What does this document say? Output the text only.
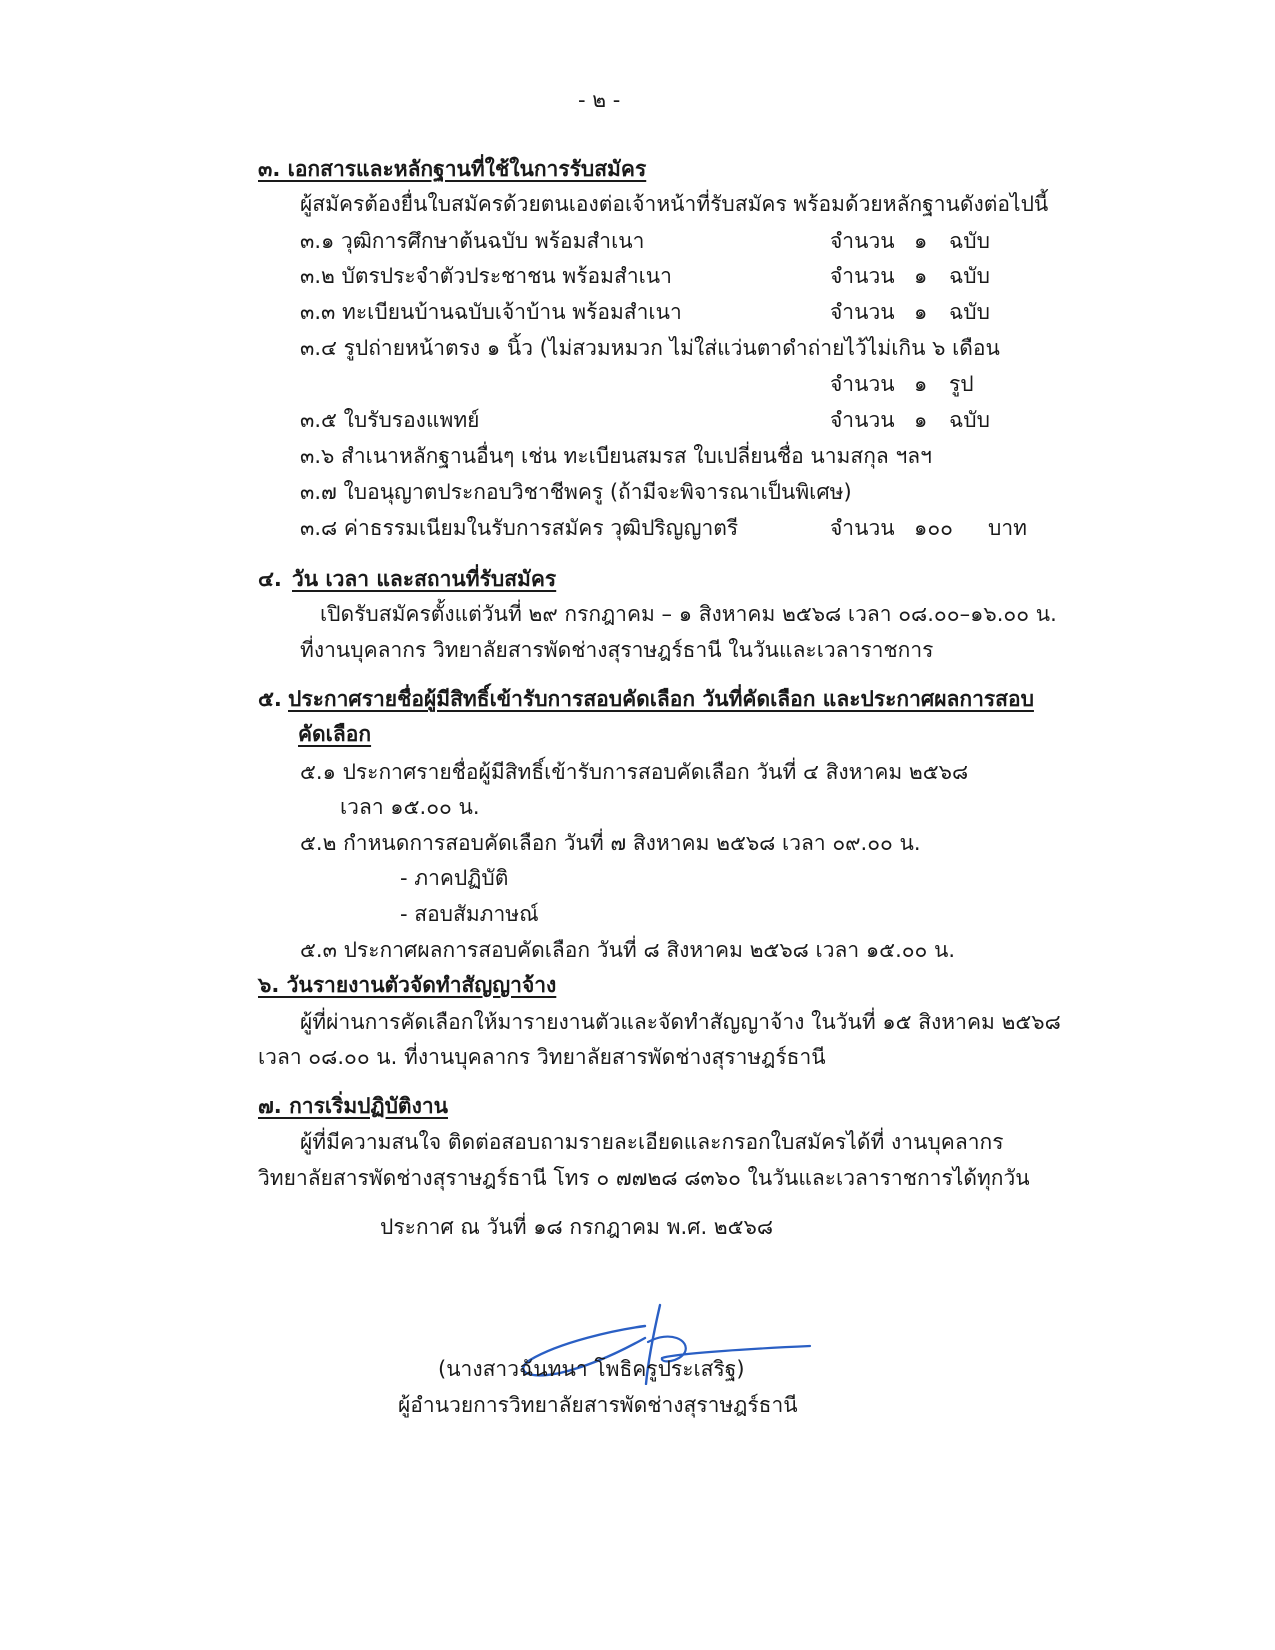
- ๒ -
๓. เอกสารและหลักฐานที่ใช้ในการรับสมัคร
ผู้สมัครต้องยื่นใบสมัครด้วยตนเองต่อเจ้าหน้าที่รับสมัคร พร้อมด้วยหลักฐานดังต่อไปนี้
๓.๑ วุฒิการศึกษาต้นฉบับ พร้อมสำเนา	จำนวน ๑ ฉบับ
๓.๒ บัตรประจำตัวประชาชน พร้อมสำเนา	จำนวน ๑ ฉบับ
๓.๓ ทะเบียนบ้านฉบับเจ้าบ้าน พร้อมสำเนา	จำนวน ๑ ฉบับ
๓.๔ รูปถ่ายหน้าตรง ๑ นิ้ว (ไม่สวมหมวก ไม่ใส่แว่นตาดำถ่ายไว้ไม่เกิน ๖ เดือน
จำนวน ๑ รูป
๓.๕ ใบรับรองแพทย์	จำนวน ๑ ฉบับ
๓.๖ สำเนาหลักฐานอื่นๆ เช่น ทะเบียนสมรส ใบเปลี่ยนชื่อ นามสกุล ฯลฯ
๓.๗ ใบอนุญาตประกอบวิชาชีพครู (ถ้ามีจะพิจารณาเป็นพิเศษ)
๓.๘ ค่าธรรมเนียมในรับการสมัคร วุฒิปริญญาตรี	จำนวน ๑๐๐ บาท
๔. วัน เวลา และสถานที่รับสมัคร
เปิดรับสมัครตั้งแต่วันที่ ๒๙ กรกฎาคม – ๑ สิงหาคม ๒๕๖๘ เวลา ๐๘.๐๐–๑๖.๐๐ น.
ที่งานบุคลากร วิทยาลัยสารพัดช่างสุราษฎร์ธานี ในวันและเวลาราชการ
๕. ประกาศรายชื่อผู้มีสิทธิ์เข้ารับการสอบคัดเลือก วันที่คัดเลือก และประกาศผลการสอบ
คัดเลือก
๕.๑ ประกาศรายชื่อผู้มีสิทธิ์เข้ารับการสอบคัดเลือก วันที่ ๔ สิงหาคม ๒๕๖๘
เวลา ๑๕.๐๐ น.
๕.๒ กำหนดการสอบคัดเลือก วันที่ ๗ สิงหาคม ๒๕๖๘ เวลา ๐๙.๐๐ น.
- ภาคปฏิบัติ
- สอบสัมภาษณ์
๕.๓ ประกาศผลการสอบคัดเลือก วันที่ ๘ สิงหาคม ๒๕๖๘ เวลา ๑๕.๐๐ น.
๖. วันรายงานตัวจัดทำสัญญาจ้าง
ผู้ที่ผ่านการคัดเลือกให้มารายงานตัวและจัดทำสัญญาจ้าง ในวันที่ ๑๕ สิงหาคม ๒๕๖๘
เวลา ๐๘.๐๐ น. ที่งานบุคลากร วิทยาลัยสารพัดช่างสุราษฎร์ธานี
๗. การเริ่มปฏิบัติงาน
ผู้ที่มีความสนใจ ติดต่อสอบถามรายละเอียดและกรอกใบสมัครได้ที่ งานบุคลากร
วิทยาลัยสารพัดช่างสุราษฎร์ธานี โทร ๐ ๗๗๒๘ ๘๓๖๐ ในวันและเวลาราชการได้ทุกวัน
ประกาศ ณ วันที่ ๑๘ กรกฎาคม พ.ศ. ๒๕๖๘
(นางสาวฉันทนา โพธิครูประเสริฐ)
ผู้อำนวยการวิทยาลัยสารพัดช่างสุราษฎร์ธานี
